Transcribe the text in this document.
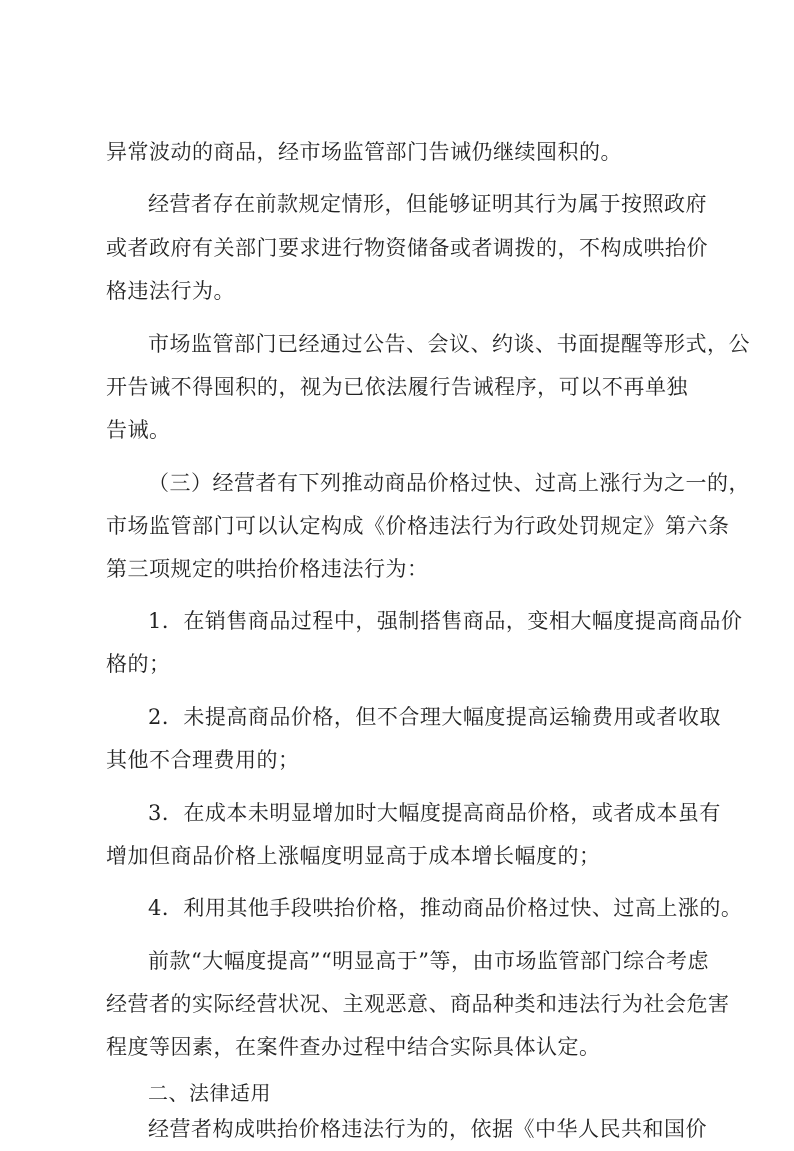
异常波动的商品，经市场监管部门告诫仍继续囤积的。
经营者存在前款规定情形，但能够证明其行为属于按照政府
或者政府有关部门要求进行物资储备或者调拨的，不构成哄抬价
格违法行为。
市场监管部门已经通过公告、会议、约谈、书面提醒等形式，公
开告诫不得囤积的，视为已依法履行告诫程序，可以不再单独
告诫。
（三）经营者有下列推动商品价格过快、过高上涨行为之一的，
市场监管部门可以认定构成《价格违法行为行政处罚规定》第六条
第三项规定的哄抬价格违法行为：
1．在销售商品过程中，强制搭售商品，变相大幅度提高商品价
格的；
2．未提高商品价格，但不合理大幅度提高运输费用或者收取
其他不合理费用的；
3．在成本未明显增加时大幅度提高商品价格，或者成本虽有
增加但商品价格上涨幅度明显高于成本增长幅度的；
4．利用其他手段哄抬价格，推动商品价格过快、过高上涨的。
前款“大幅度提高”“明显高于”等，由市场监管部门综合考虑
经营者的实际经营状况、主观恶意、商品种类和违法行为社会危害
程度等因素，在案件查办过程中结合实际具体认定。
二、法律适用
经营者构成哄抬价格违法行为的，依据《中华人民共和国价
